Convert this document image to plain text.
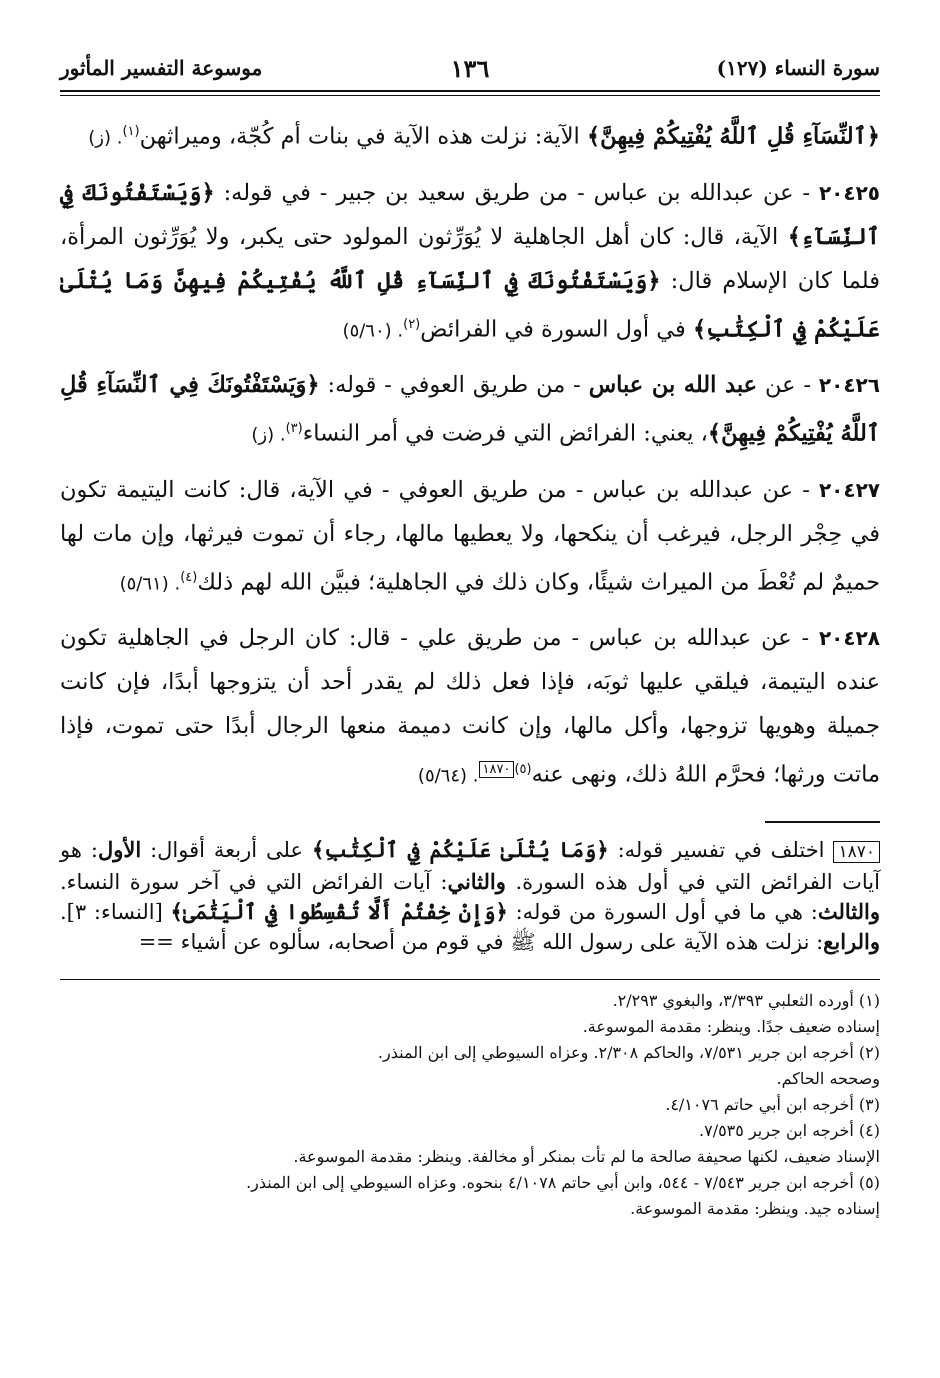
سورة النساء (١٢٧)
١٣٦
موسوعة التفسير المأثور

﴿ٱلنِّسَآءِ قُلِ ٱللَّهُ يُفْتِيكُمْ فِيهِنَّ﴾ الآية: نزلت هذه الآية في بنات أم كُجّة، وميراثهن$^{(١)}$. (ز)

٢٠٤٢٥ - عن عبدالله بن عباس - من طريق سعيد بن جبير - في قوله: ﴿وَيَسْتَفْتُونَكَ فِي ٱلنِّسَآءِ﴾ الآية، قال: كان أهل الجاهلية لا يُوَرِّثون المولود حتى يكبر، ولا يُوَرِّثون المرأة، فلما كان الإسلام قال: ﴿وَيَسْتَفْتُونَكَ فِي ٱلنِّسَآءِ قُلِ ٱللَّهُ يُفْتِيكُمْ فِيهِنَّ وَمَا يُتْلَىٰ عَلَيْكُمْ فِي ٱلْكِتَٰبِ﴾ في أول السورة في الفرائض$^{(٢)}$. (٥/٦٠)

٢٠٤٢٦ - عن عبد الله بن عباس - من طريق العوفي - قوله: ﴿وَيَسْتَفْتُونَكَ فِي ٱلنِّسَآءِ قُلِ ٱللَّهُ يُفْتِيكُمْ فِيهِنَّ﴾، يعني: الفرائض التي فرضت في أمر النساء$^{(٣)}$. (ز)

٢٠٤٢٧ - عن عبدالله بن عباس - من طريق العوفي - في الآية، قال: كانت اليتيمة تكون في حِجْر الرجل، فيرغب أن ينكحها، ولا يعطيها مالها، رجاء أن تموت فيرثها، وإن مات لها حميمٌ لم تُعْطَ من الميراث شيئًا، وكان ذلك في الجاهلية؛ فبيَّن الله لهم ذلك$^{(٤)}$. (٥/٦١)

٢٠٤٢٨ - عن عبدالله بن عباس - من طريق علي - قال: كان الرجل في الجاهلية تكون عنده اليتيمة، فيلقي عليها ثوبَه، فإذا فعل ذلك لم يقدر أحد أن يتزوجها أبدًا، فإن كانت جميلة وهويها تزوجها، وأكل مالها، وإن كانت دميمة منعها الرجال أبدًا حتى تموت، فإذا ماتت ورثها؛ فحرَّم اللهُ ذلك، ونهى عنه$^{(٥)١٨٧٠}$. (٥/٦٤)

١٨٧٠ اختلف في تفسير قوله: ﴿وَمَا يُتْلَىٰ عَلَيْكُمْ فِي ٱلْكِتَٰبِ﴾ على أربعة أقوال: الأول: هو آيات الفرائض التي في أول هذه السورة. والثاني: آيات الفرائض التي في آخر سورة النساء. والثالث: هي ما في أول السورة من قوله: ﴿وَإِنْ خِفْتُمْ أَلَّا تُقْسِطُوا فِي ٱلْيَتَٰمَىٰ﴾ [النساء: ٣]. والرابع: نزلت هذه الآية على رسول الله ﷺ في قوم من أصحابه، سألوه عن أشياء ==

(١) أورده الثعلبي ٣/٣٩٣، والبغوي ٢/٢٩٣.
إسناده ضعيف جدًا. وينظر: مقدمة الموسوعة.
(٢) أخرجه ابن جرير ٧/٥٣١، والحاكم ٢/٣٠٨. وعزاه السيوطي إلى ابن المنذر.
وصححه الحاكم.
(٣) أخرجه ابن أبي حاتم ٤/١٠٧٦.
(٤) أخرجه ابن جرير ٧/٥٣٥.
الإسناد ضعيف، لكنها صحيفة صالحة ما لم تأت بمنكر أو مخالفة. وينظر: مقدمة الموسوعة.
(٥) أخرجه ابن جرير ٧/٥٤٣ - ٥٤٤، وابن أبي حاتم ٤/١٠٧٨ بنحوه. وعزاه السيوطي إلى ابن المنذر.
إسناده جيد. وينظر: مقدمة الموسوعة.
